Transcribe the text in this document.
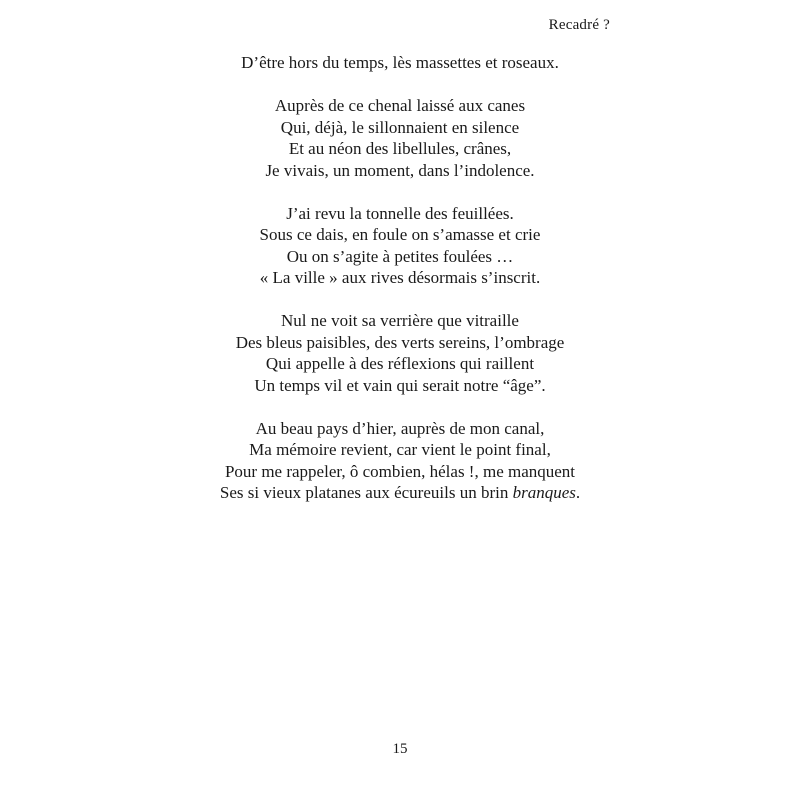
Recadré ?
D’être hors du temps, lès massettes et roseaux.
Auprès de ce chenal laissé aux canes
Qui, déjà, le sillonnaient en silence
Et au néon des libellules, crânes,
Je vivais, un moment, dans l’indolence.
J’ai revu la tonnelle des feuillées.
Sous ce dais, en foule on s’amasse et crie
Ou on s’agite à petites foulées …
« La ville » aux rives désormais s’inscrit.
Nul ne voit sa verrière que vitraille
Des bleus paisibles, des verts sereins, l’ombrage
Qui appelle à des réflexions qui raillent
Un temps vil et vain qui serait notre “âge”.
Au beau pays d’hier, auprès de mon canal,
Ma mémoire revient, car vient le point final,
Pour me rappeler, ô combien, hélas !, me manquent
Ses si vieux platanes aux écureuils un brin branques.
15
